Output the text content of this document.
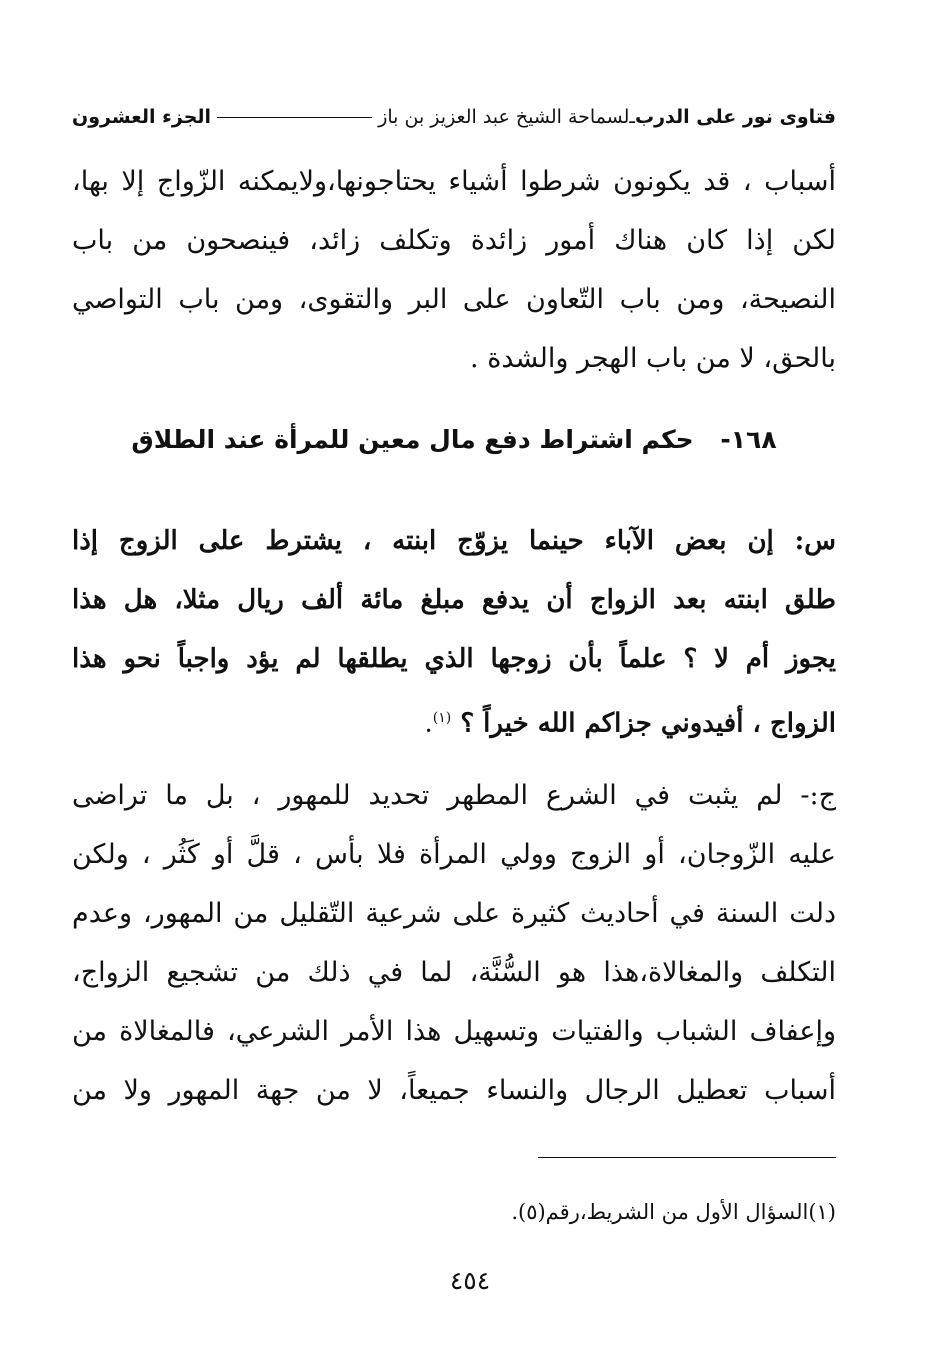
فتاوى نور على الدرب
ـ
لسماحة الشيخ عبد العزيز بن باز
الجزء العشرون
أسباب ، قد يكونون شرطوا أشياء يحتاجونها،ولايمكنه الزّواج إلا بها،
لكن إذا كان هناك أمور زائدة وتكلف زائد، فينصحون من باب
النصيحة، ومن باب التّعاون على البر والتقوى، ومن باب التواصي
بالحق، لا من باب الهجر والشدة .
١٦٨- حكم اشتراط دفع مال معين للمرأة عند الطلاق
س: إن بعض الآباء حينما يزوّج ابنته ، يشترط على الزوج إذا
طلق ابنته بعد الزواج أن يدفع مبلغ مائة ألف ريال مثلا، هل هذا
يجوز أم لا ؟ علماً بأن زوجها الذي يطلقها لم يؤد واجباً نحو هذا
الزواج ، أفيدوني جزاكم الله خيراً ؟ $^{(١)}$.
ج:- لم يثبت في الشرع المطهر تحديد للمهور ، بل ما تراضى
عليه الزّوجان، أو الزوج وولي المرأة فلا بأس ، قلَّ أو كَثُر ، ولكن
دلت السنة في أحاديث كثيرة على شرعية التّقليل من المهور، وعدم
التكلف والمغالاة،هذا هو السُّنَّة، لما في ذلك من تشجيع الزواج،
وإعفاف الشباب والفتيات وتسهيل هذا الأمر الشرعي، فالمغالاة من
أسباب تعطيل الرجال والنساء جميعاً، لا من جهة المهور ولا من
(١)السؤال الأول من الشريط،رقم(٥).
٤٥٤
